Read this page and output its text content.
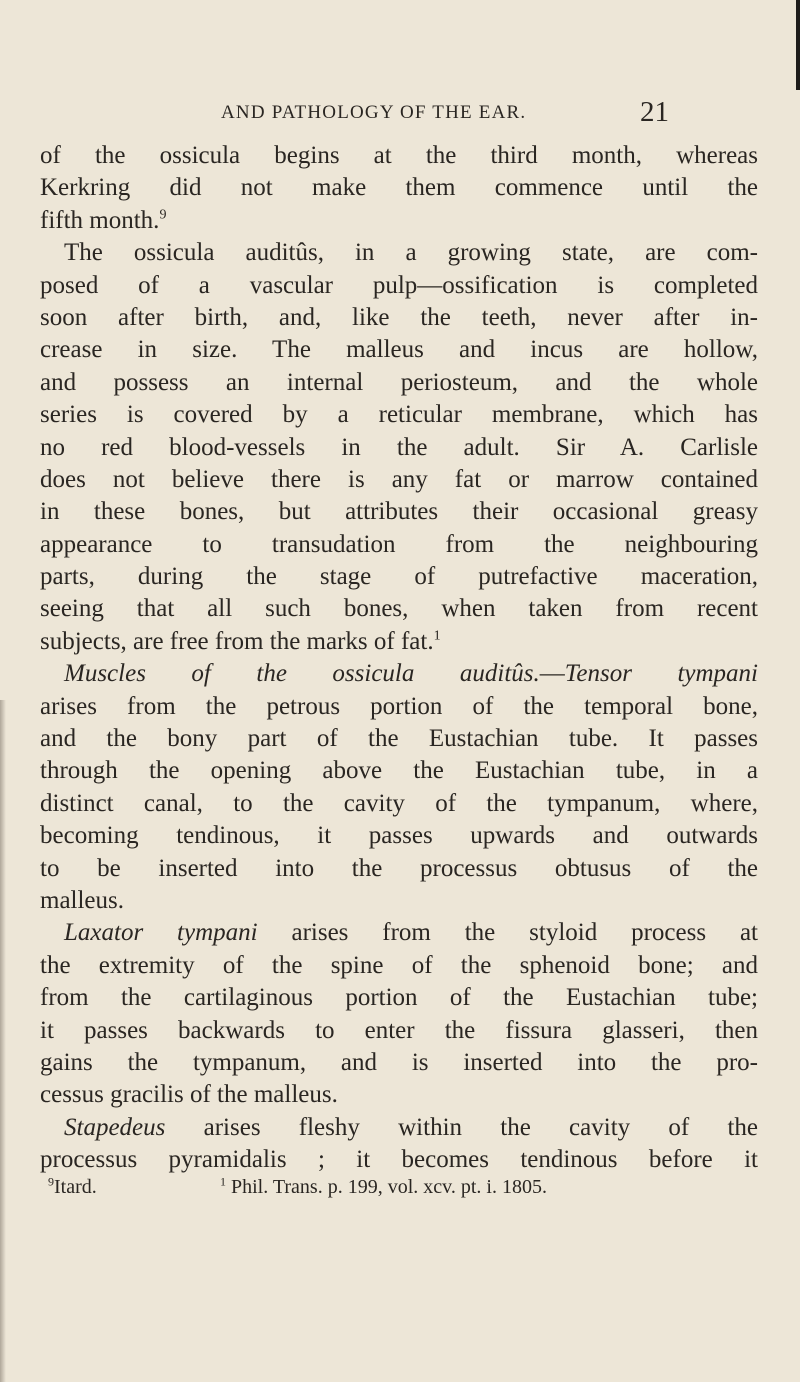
AND PATHOLOGY OF THE EAR.	21
of the ossicula begins at the third month, whereas
Kerkring did not make them commence until the
fifth month.$^9$
The ossicula auditûs, in a growing state, are com-
posed of a vascular pulp—ossification is completed
soon after birth, and, like the teeth, never after in-
crease in size. The malleus and incus are hollow,
and possess an internal periosteum, and the whole
series is covered by a reticular membrane, which has
no red blood-vessels in the adult. Sir A. Carlisle
does not believe there is any fat or marrow contained
in these bones, but attributes their occasional greasy
appearance to transudation from the neighbouring
parts, during the stage of putrefactive maceration,
seeing that all such bones, when taken from recent
subjects, are free from the marks of fat.$^1$
Muscles of the ossicula auditûs.—Tensor tympani
arises from the petrous portion of the temporal bone,
and the bony part of the Eustachian tube. It passes
through the opening above the Eustachian tube, in a
distinct canal, to the cavity of the tympanum, where,
becoming tendinous, it passes upwards and outwards
to be inserted into the processus obtusus of the
malleus.
Laxator tympani arises from the styloid process at
the extremity of the spine of the sphenoid bone; and
from the cartilaginous portion of the Eustachian tube;
it passes backwards to enter the fissura glasseri, then
gains the tympanum, and is inserted into the pro-
cessus gracilis of the malleus.
Stapedeus arises fleshy within the cavity of the
processus pyramidalis ; it becomes tendinous before it
$^9$Itard.	$^1$ Phil. Trans. p. 199, vol. xcv. pt. i. 1805.
